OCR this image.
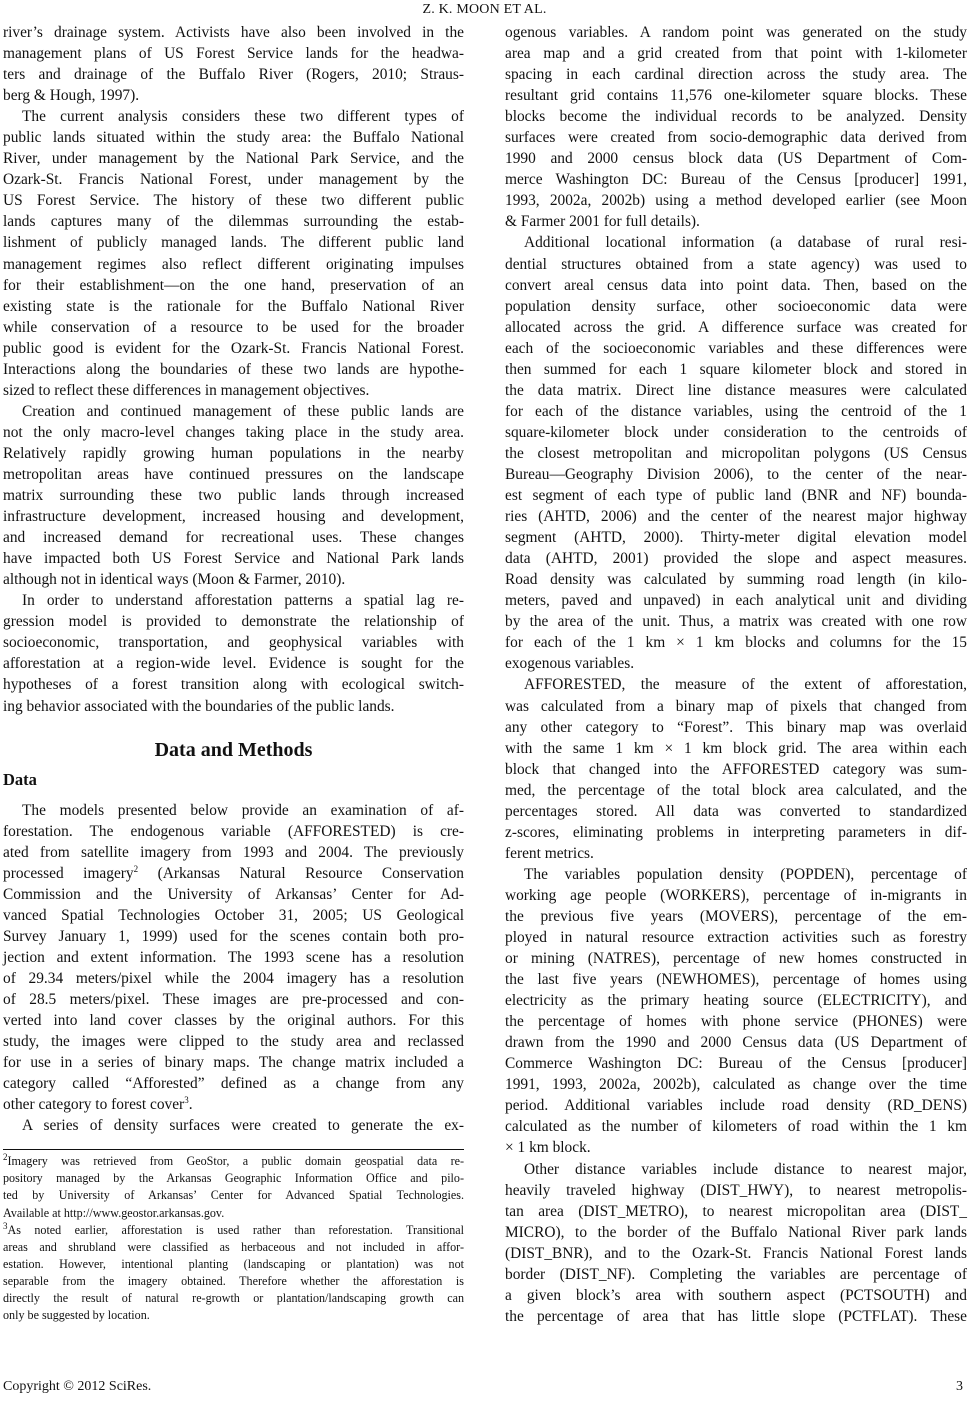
Z. K. MOON ET AL.
river’s drainage system. Activists have also been involved in the
management plans of US Forest Service lands for the headwa-
ters and drainage of the Buffalo River (Rogers, 2010; Straus-
berg & Hough, 1997).
The current analysis considers these two different types of
public lands situated within the study area: the Buffalo National
River, under management by the National Park Service, and the
Ozark-St. Francis National Forest, under management by the
US Forest Service. The history of these two different public
lands captures many of the dilemmas surrounding the estab-
lishment of publicly managed lands. The different public land
management regimes also reflect different originating impulses
for their establishment—on the one hand, preservation of an
existing state is the rationale for the Buffalo National River
while conservation of a resource to be used for the broader
public good is evident for the Ozark-St. Francis National Forest.
Interactions along the boundaries of these two lands are hypothe-
sized to reflect these differences in management objectives.
Creation and continued management of these public lands are
not the only macro-level changes taking place in the study area.
Relatively rapidly growing human populations in the nearby
metropolitan areas have continued pressures on the landscape
matrix surrounding these two public lands through increased
infrastructure development, increased housing and development,
and increased demand for recreational uses. These changes
have impacted both US Forest Service and National Park lands
although not in identical ways (Moon & Farmer, 2010).
In order to understand afforestation patterns a spatial lag re-
gression model is provided to demonstrate the relationship of
socioeconomic, transportation, and geophysical variables with
afforestation at a region-wide level. Evidence is sought for the
hypotheses of a forest transition along with ecological switch-
ing behavior associated with the boundaries of the public lands.
Data and Methods
Data
The models presented below provide an examination of af-
forestation. The endogenous variable (AFFORESTED) is cre-
ated from satellite imagery from 1993 and 2004. The previously
processed imagery$^2$ (Arkansas Natural Resource Conservation
Commission and the University of Arkansas’ Center for Ad-
vanced Spatial Technologies October 31, 2005; US Geological
Survey January 1, 1999) used for the scenes contain both pro-
jection and extent information. The 1993 scene has a resolution
of 29.34 meters/pixel while the 2004 imagery has a resolution
of 28.5 meters/pixel. These images are pre-processed and con-
verted into land cover classes by the original authors. For this
study, the images were clipped to the study area and reclassed
for use in a series of binary maps. The change matrix included a
category called “Afforested” defined as a change from any
other category to forest cover$^3$.
A series of density surfaces were created to generate the ex-
$^2$Imagery was retrieved from GeoStor, a public domain geospatial data re-
pository managed by the Arkansas Geographic Information Office and pilo-
ted by University of Arkansas’ Center for Advanced Spatial Technologies.
Available at http://www.geostor.arkansas.gov.
$^3$As noted earlier, afforestation is used rather than reforestation. Transitional
areas and shrubland were classified as herbaceous and not included in affor-
estation. However, intentional planting (landscaping or plantation) was not
separable from the imagery obtained. Therefore whether the afforestation is
directly the result of natural re-growth or plantation/landscaping growth can
only be suggested by location.
ogenous variables. A random point was generated on the study
area map and a grid created from that point with 1-kilometer
spacing in each cardinal direction across the study area. The
resultant grid contains 11,576 one-kilometer square blocks. These
blocks become the individual records to be analyzed. Density
surfaces were created from socio-demographic data derived from
1990 and 2000 census block data (US Department of Com-
merce Washington DC: Bureau of the Census [producer] 1991,
1993, 2002a, 2002b) using a method developed earlier (see Moon
& Farmer 2001 for full details).
Additional locational information (a database of rural resi-
dential structures obtained from a state agency) was used to
convert areal census data into point data. Then, based on the
population density surface, other socioeconomic data were
allocated across the grid. A difference surface was created for
each of the socioeconomic variables and these differences were
then summed for each 1 square kilometer block and stored in
the data matrix. Direct line distance measures were calculated
for each of the distance variables, using the centroid of the 1
square-kilometer block under consideration to the centroids of
the closest metropolitan and micropolitan polygons (US Census
Bureau—Geography Division 2006), to the center of the near-
est segment of each type of public land (BNR and NF) bounda-
ries (AHTD, 2006) and the center of the nearest major highway
segment (AHTD, 2000). Thirty-meter digital elevation model
data (AHTD, 2001) provided the slope and aspect measures.
Road density was calculated by summing road length (in kilo-
meters, paved and unpaved) in each analytical unit and dividing
by the area of the unit. Thus, a matrix was created with one row
for each of the 1 km × 1 km blocks and columns for the 15
exogenous variables.
AFFORESTED, the measure of the extent of afforestation,
was calculated from a binary map of pixels that changed from
any other category to “Forest”. This binary map was overlaid
with the same 1 km × 1 km block grid. The area within each
block that changed into the AFFORESTED category was sum-
med, the percentage of the total block area calculated, and the
percentages stored. All data was converted to standardized
z-scores, eliminating problems in interpreting parameters in dif-
ferent metrics.
The variables population density (POPDEN), percentage of
working age people (WORKERS), percentage of in-migrants in
the previous five years (MOVERS), percentage of the em-
ployed in natural resource extraction activities such as forestry
or mining (NATRES), percentage of new homes constructed in
the last five years (NEWHOMES), percentage of homes using
electricity as the primary heating source (ELECTRICITY), and
the percentage of homes with phone service (PHONES) were
drawn from the 1990 and 2000 Census data (US Department of
Commerce Washington DC: Bureau of the Census [producer]
1991, 1993, 2002a, 2002b), calculated as change over the time
period. Additional variables include road density (RD_DENS)
calculated as the number of kilometers of road within the 1 km
× 1 km block.
Other distance variables include distance to nearest major,
heavily traveled highway (DIST_HWY), to nearest metropolis-
tan area (DIST_METRO), to nearest micropolitan area (DIST_
MICRO), to the border of the Buffalo National River park lands
(DIST_BNR), and to the Ozark-St. Francis National Forest lands
border (DIST_NF). Completing the variables are percentage of
a given block’s area with southern aspect (PCTSOUTH) and
the percentage of area that has little slope (PCTFLAT). These
Copyright © 2012 SciRes.	3
